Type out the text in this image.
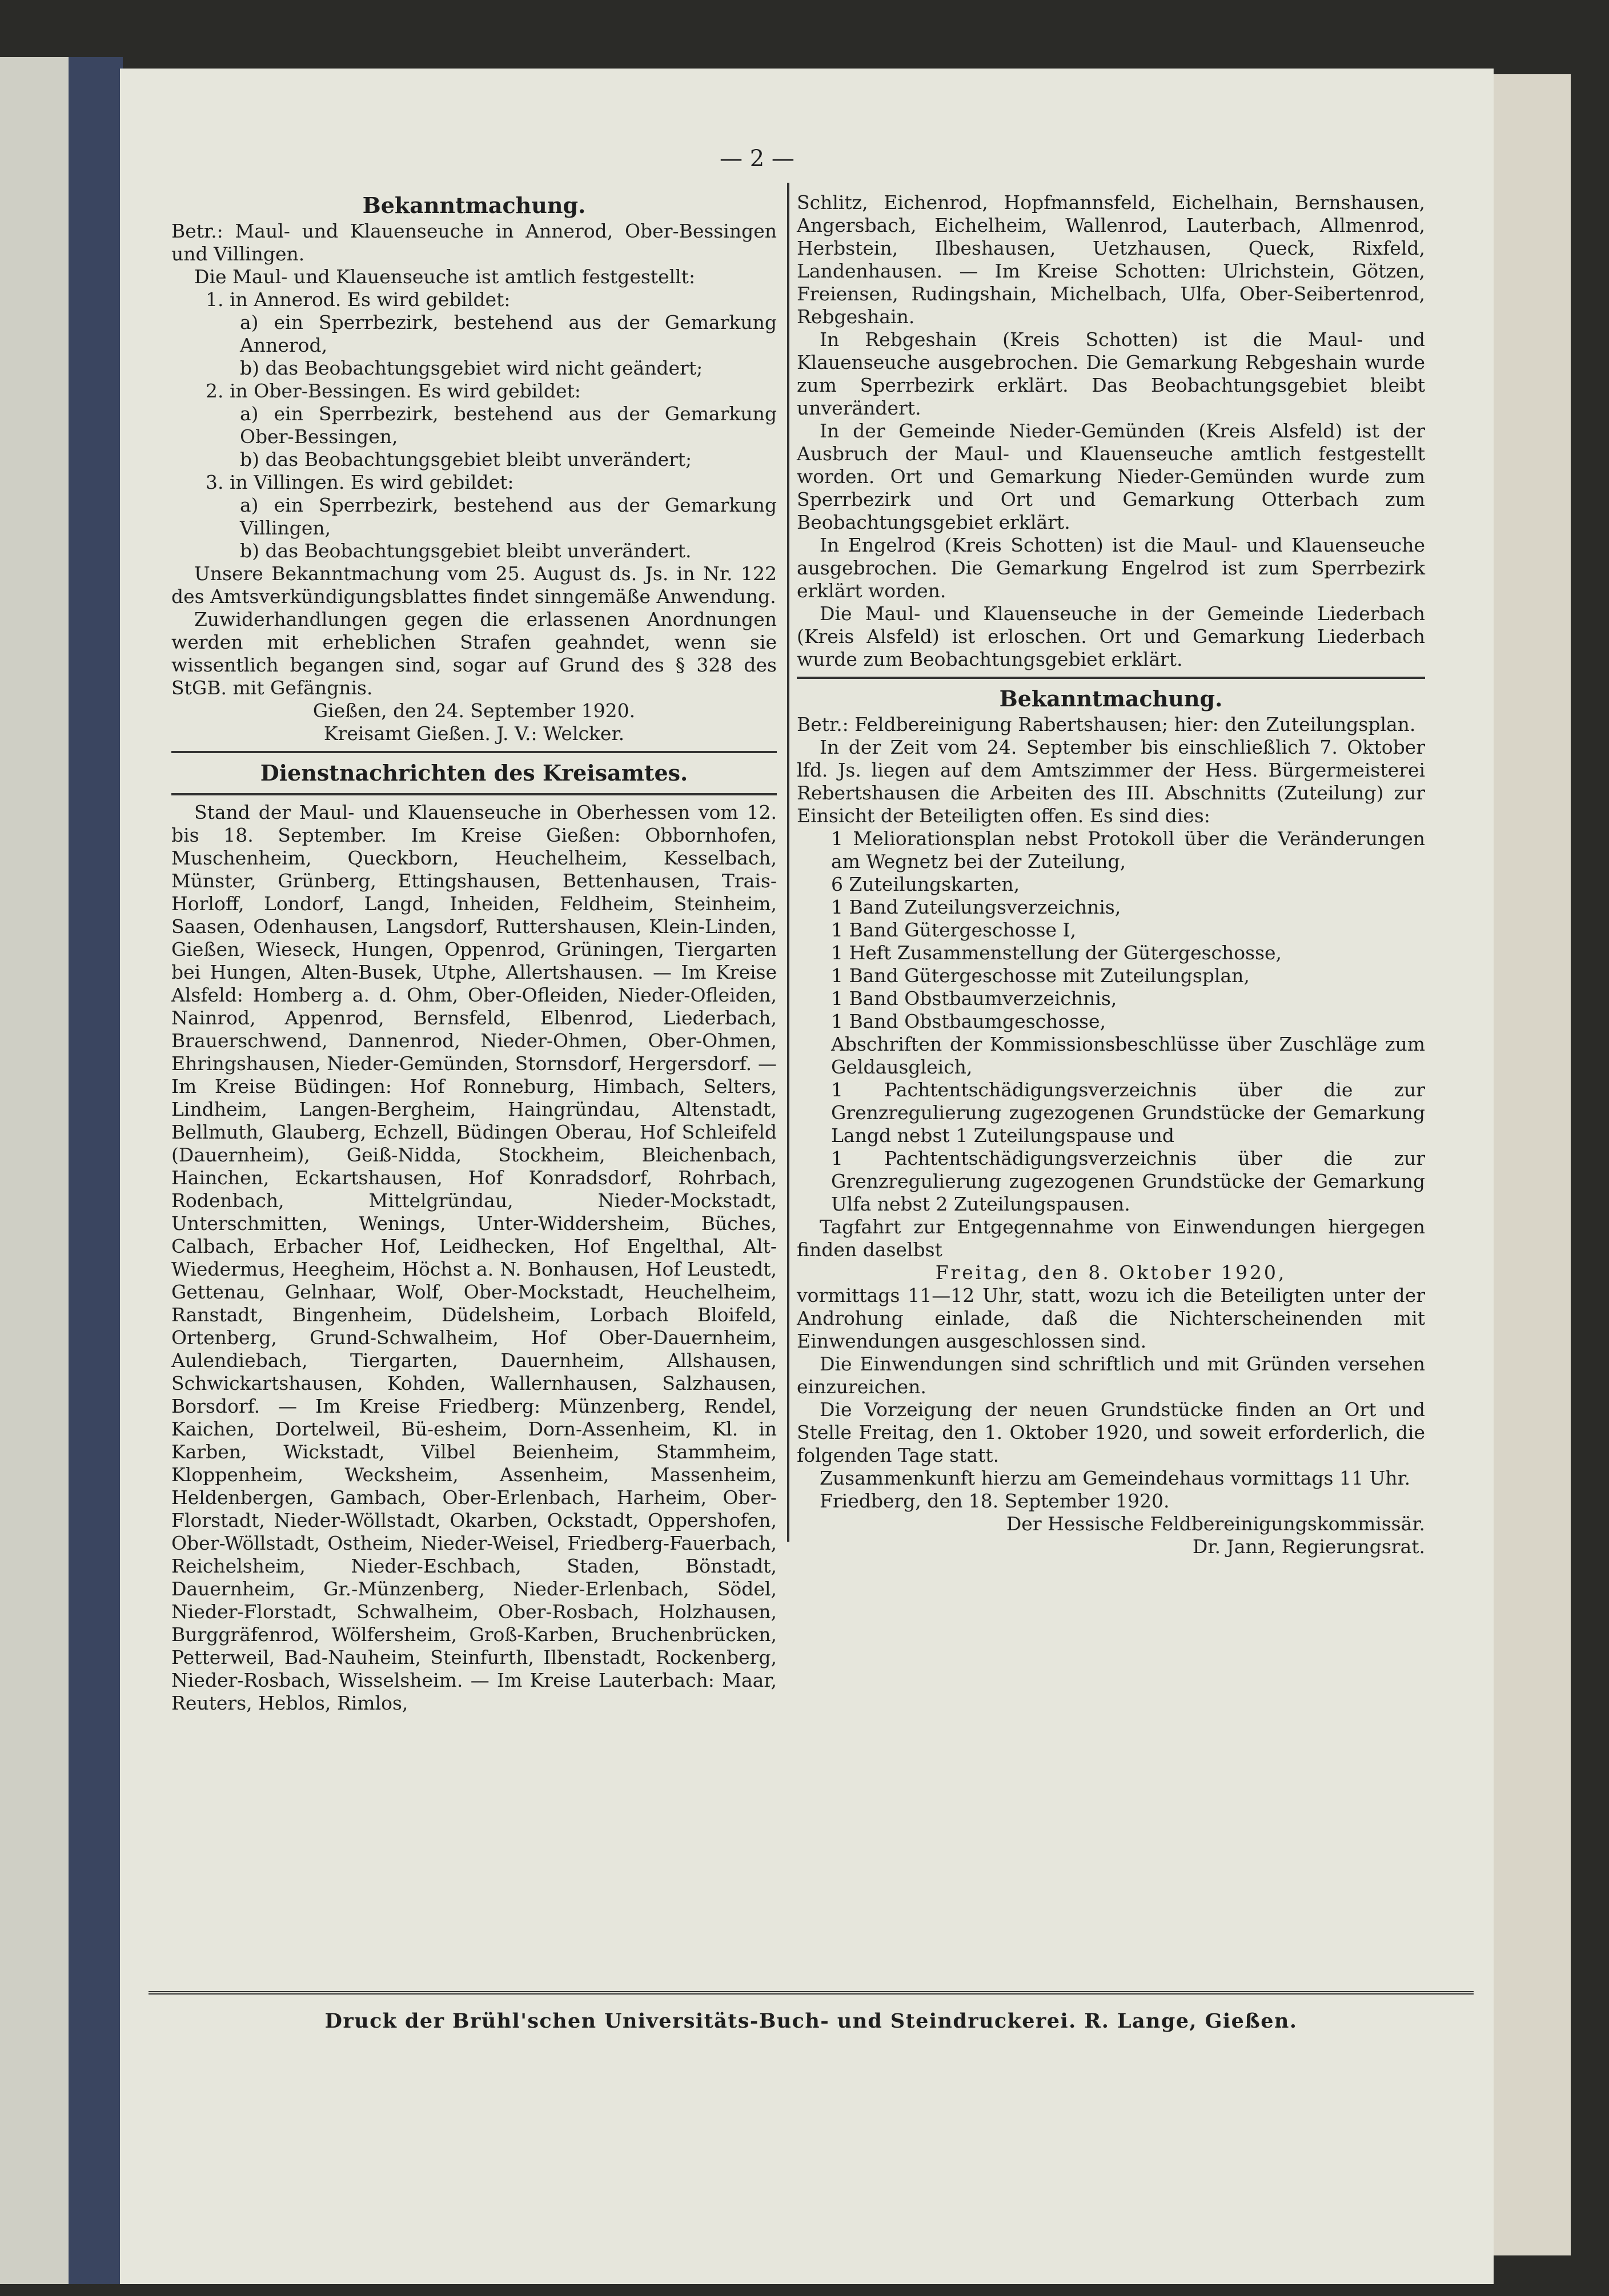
— 2 —

Bekanntmachung.

Betr.: Maul- und Klauenseuche in Annerod, Ober-Bessingen und Villingen.

Die Maul- und Klauenseuche ist amtlich festgestellt:

1. in Annerod. Es wird gebildet:

a) ein Sperrbezirk, bestehend aus der Gemarkung Annerod,

b) das Beobachtungsgebiet wird nicht geändert;

2. in Ober-Bessingen. Es wird gebildet:

a) ein Sperrbezirk, bestehend aus der Gemarkung Ober-Bessingen,

b) das Beobachtungsgebiet bleibt unverändert;

3. in Villingen. Es wird gebildet:

a) ein Sperrbezirk, bestehend aus der Gemarkung Villingen,

b) das Beobachtungsgebiet bleibt unverändert.

Unsere Bekanntmachung vom 25. August ds. Js. in Nr. 122 des Amtsverkündigungsblattes findet sinngemäße Anwendung.

Zuwiderhandlungen gegen die erlassenen Anordnungen werden mit erheblichen Strafen geahndet, wenn sie wissentlich begangen sind, sogar auf Grund des § 328 des StGB. mit Gefängnis.

Gießen, den 24. September 1920.

Kreisamt Gießen. J. V.: Welcker.

Dienstnachrichten des Kreisamtes.

Stand der Maul- und Klauenseuche in Oberhessen vom 12. bis 18. September. Im Kreise Gießen: Obbornhofen, Muschenheim, Queckborn, Heuchelheim, Kesselbach, Münster, Grünberg, Ettingshausen, Bettenhausen, Trais-Horloff, Londorf, Langd, Inheiden, Feldheim, Steinheim, Saasen, Odenhausen, Langsdorf, Ruttershausen, Klein-Linden, Gießen, Wieseck, Hungen, Oppenrod, Grüningen, Tiergarten bei Hungen, Alten-Busek, Utphe, Allertshausen. — Im Kreise Alsfeld: Homberg a. d. Ohm, Ober-Ofleiden, Nieder-Ofleiden, Nainrod, Appenrod, Bernsfeld, Elbenrod, Liederbach, Brauerschwend, Dannenrod, Nieder-Ohmen, Ober-Ohmen, Ehringshausen, Nieder-Gemünden, Stornsdorf, Hergersdorf. — Im Kreise Büdingen: Hof Ronneburg, Himbach, Selters, Lindheim, Langen-Bergheim, Haingründau, Altenstadt, Bellmuth, Glauberg, Echzell, Büdingen Oberau, Hof Schleifeld (Dauernheim), Geiß-Nidda, Stockheim, Bleichenbach, Hainchen, Eckartshausen, Hof Konradsdorf, Rohrbach, Rodenbach, Mittelgründau, Nieder-Mockstadt, Unterschmitten, Wenings, Unter-Widdersheim, Büches, Calbach, Erbacher Hof, Leidhecken, Hof Engelthal, Alt-Wiedermus, Heegheim, Höchst a. N. Bonhausen, Hof Leustedt, Gettenau, Gelnhaar, Wolf, Ober-Mockstadt, Heuchelheim, Ranstadt, Bingenheim, Düdelsheim, Lorbach Bloifeld, Ortenberg, Grund-Schwalheim, Hof Ober-Dauernheim, Aulendiebach, Tiergarten, Dauernheim, Allshausen, Schwickartshausen, Kohden, Wallernhausen, Salzhausen, Borsdorf. — Im Kreise Friedberg: Münzenberg, Rendel, Kaichen, Dortelweil, Bü-esheim, Dorn-Assenheim, Kl. in Karben, Wickstadt, Vilbel Beienheim, Stammheim, Kloppenheim, Wecksheim, Assenheim, Massenheim, Heldenbergen, Gambach, Ober-Erlenbach, Harheim, Ober-Florstadt, Nieder-Wöllstadt, Okarben, Ockstadt, Oppershofen, Ober-Wöllstadt, Ostheim, Nieder-Weisel, Friedberg-Fauerbach, Reichelsheim, Nieder-Eschbach, Staden, Bönstadt, Dauernheim, Gr.-Münzenberg, Nieder-Erlenbach, Södel, Nieder-Florstadt, Schwalheim, Ober-Rosbach, Holzhausen, Burggräfenrod, Wölfersheim, Groß-Karben, Bruchenbrücken, Petterweil, Bad-Nauheim, Steinfurth, Ilbenstadt, Rockenberg, Nieder-Rosbach, Wisselsheim. — Im Kreise Lauterbach: Maar, Reuters, Heblos, Rimlos,

Schlitz, Eichenrod, Hopfmannsfeld, Eichelhain, Bernshausen, Angersbach, Eichelheim, Wallenrod, Lauterbach, Allmenrod, Herbstein, Ilbeshausen, Uetzhausen, Queck, Rixfeld, Landenhausen. — Im Kreise Schotten: Ulrichstein, Götzen, Freiensen, Rudingshain, Michelbach, Ulfa, Ober-Seibertenrod, Rebgeshain.

In Rebgeshain (Kreis Schotten) ist die Maul- und Klauenseuche ausgebrochen. Die Gemarkung Rebgeshain wurde zum Sperrbezirk erklärt. Das Beobachtungsgebiet bleibt unverändert.

In der Gemeinde Nieder-Gemünden (Kreis Alsfeld) ist der Ausbruch der Maul- und Klauenseuche amtlich festgestellt worden. Ort und Gemarkung Nieder-Gemünden wurde zum Sperrbezirk und Ort und Gemarkung Otterbach zum Beobachtungsgebiet erklärt.

In Engelrod (Kreis Schotten) ist die Maul- und Klauenseuche ausgebrochen. Die Gemarkung Engelrod ist zum Sperrbezirk erklärt worden.

Die Maul- und Klauenseuche in der Gemeinde Liederbach (Kreis Alsfeld) ist erloschen. Ort und Gemarkung Liederbach wurde zum Beobachtungsgebiet erklärt.

Bekanntmachung.

Betr.: Feldbereinigung Rabertshausen; hier: den Zuteilungsplan.

In der Zeit vom 24. September bis einschließlich 7. Oktober lfd. Js. liegen auf dem Amtszimmer der Hess. Bürgermeisterei Rebertshausen die Arbeiten des III. Abschnitts (Zuteilung) zur Einsicht der Beteiligten offen. Es sind dies:

1 Meliorationsplan nebst Protokoll über die Veränderungen am Wegnetz bei der Zuteilung,

6 Zuteilungskarten,

1 Band Zuteilungsverzeichnis,

1 Band Gütergeschosse I,

1 Heft Zusammenstellung der Gütergeschosse,

1 Band Gütergeschosse mit Zuteilungsplan,

1 Band Obstbaumverzeichnis,

1 Band Obstbaumgeschosse,

Abschriften der Kommissionsbeschlüsse über Zuschläge zum Geldausgleich,

1 Pachtentschädigungsverzeichnis über die zur Grenzregulierung zugezogenen Grundstücke der Gemarkung Langd nebst 1 Zuteilungspause und

1 Pachtentschädigungsverzeichnis über die zur Grenzregulierung zugezogenen Grundstücke der Gemarkung Ulfa nebst 2 Zuteilungspausen.

Tagfahrt zur Entgegennahme von Einwendungen hiergegen finden daselbst

Freitag, den 8. Oktober 1920,

vormittags 11—12 Uhr, statt, wozu ich die Beteiligten unter der Androhung einlade, daß die Nichterscheinenden mit Einwendungen ausgeschlossen sind.

Die Einwendungen sind schriftlich und mit Gründen versehen einzureichen.

Die Vorzeigung der neuen Grundstücke finden an Ort und Stelle Freitag, den 1. Oktober 1920, und soweit erforderlich, die folgenden Tage statt.

Zusammenkunft hierzu am Gemeindehaus vormittags 11 Uhr.

Friedberg, den 18. September 1920.

Der Hessische Feldbereinigungskommissär.

Dr. Jann, Regierungsrat.

Druck der Brühl'schen Universitäts-Buch- und Steindruckerei. R. Lange, Gießen.
